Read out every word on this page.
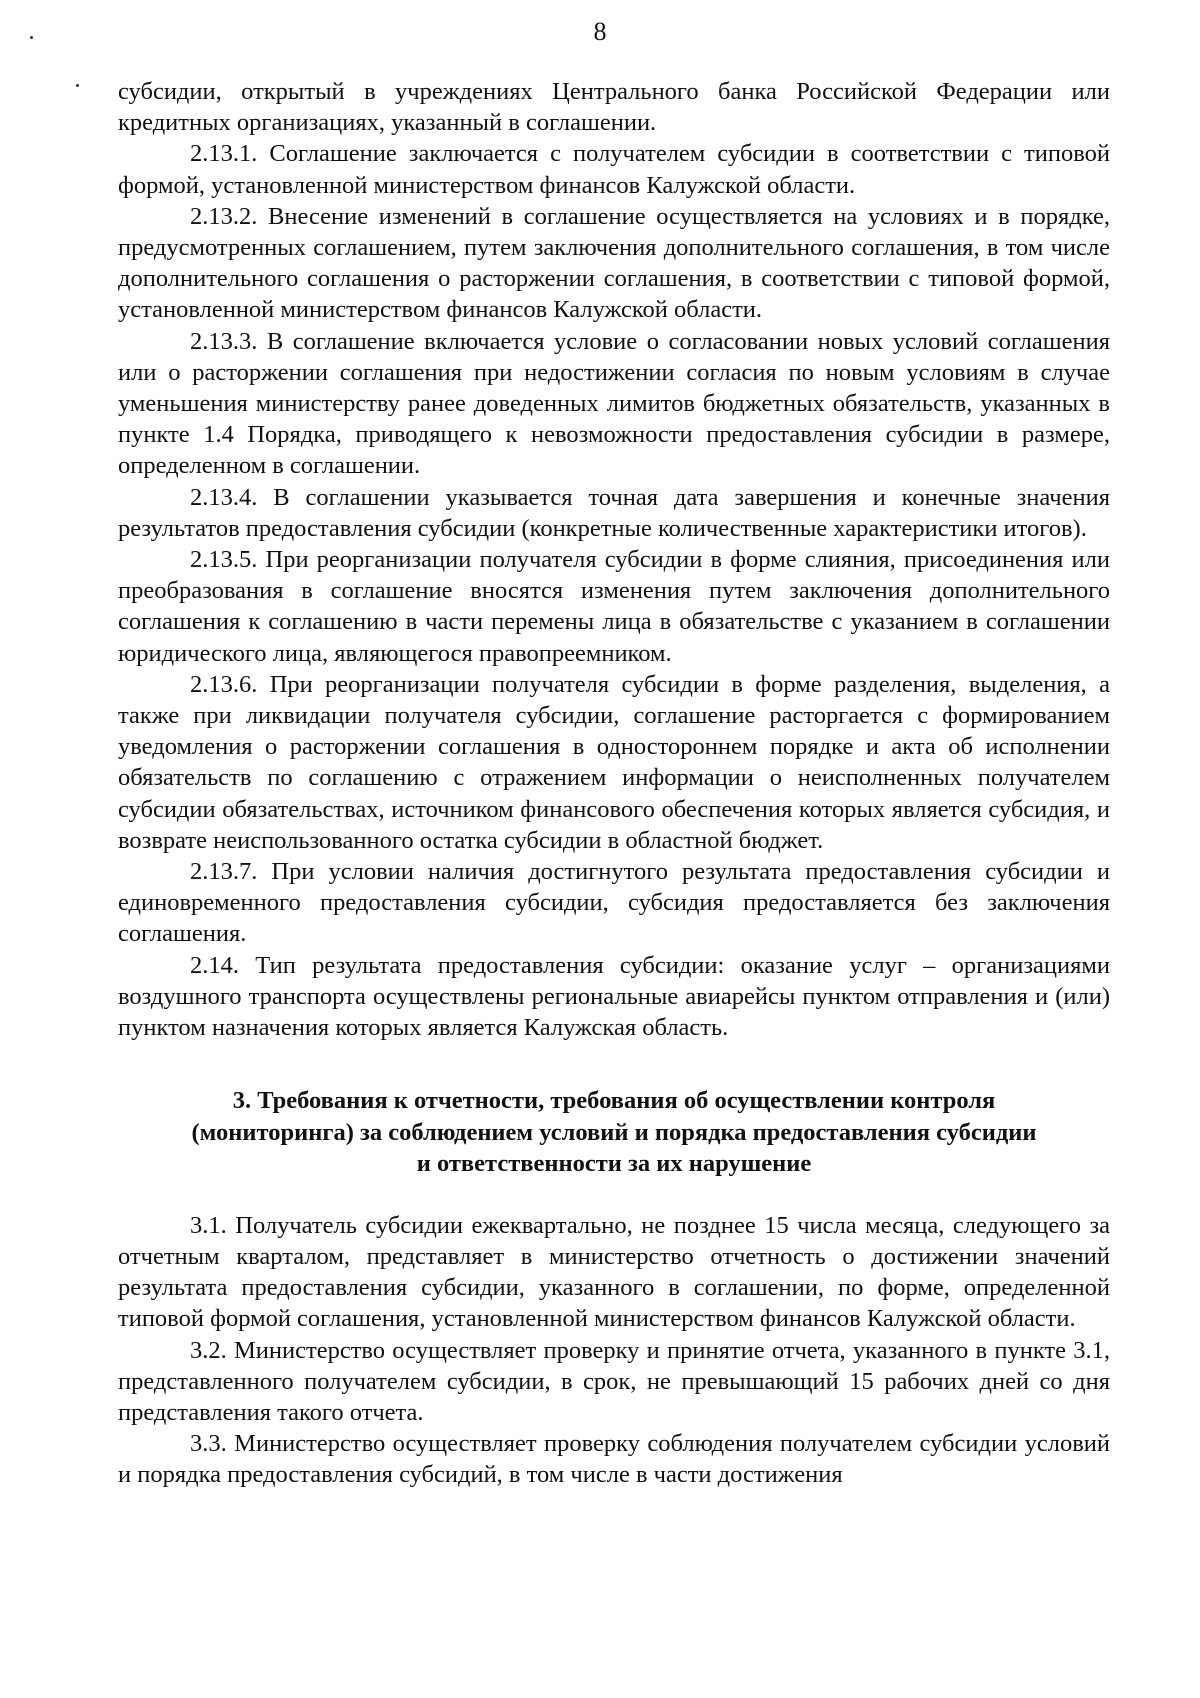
8

субсидии, открытый в учреждениях Центрального банка Российской Федерации или кредитных организациях, указанный в соглашении.

2.13.1. Соглашение заключается с получателем субсидии в соответствии с типовой формой, установленной министерством финансов Калужской области.

2.13.2. Внесение изменений в соглашение осуществляется на условиях и в порядке, предусмотренных соглашением, путем заключения дополнительного соглашения, в том числе дополнительного соглашения о расторжении соглашения, в соответствии с типовой формой, установленной министерством финансов Калужской области.

2.13.3. В соглашение включается условие о согласовании новых условий соглашения или о расторжении соглашения при недостижении согласия по новым условиям в случае уменьшения министерству ранее доведенных лимитов бюджетных обязательств, указанных в пункте 1.4 Порядка, приводящего к невозможности предоставления субсидии в размере, определенном в соглашении.

2.13.4. В соглашении указывается точная дата завершения и конечные значения результатов предоставления субсидии (конкретные количественные характеристики итогов).

2.13.5. При реорганизации получателя субсидии в форме слияния, присоединения или преобразования в соглашение вносятся изменения путем заключения дополнительного соглашения к соглашению в части перемены лица в обязательстве с указанием в соглашении юридического лица, являющегося правопреемником.

2.13.6. При реорганизации получателя субсидии в форме разделения, выделения, а также при ликвидации получателя субсидии, соглашение расторгается с формированием уведомления о расторжении соглашения в одностороннем порядке и акта об исполнении обязательств по соглашению с отражением информации о неисполненных получателем субсидии обязательствах, источником финансового обеспечения которых является субсидия, и возврате неиспользованного остатка субсидии в областной бюджет.

2.13.7. При условии наличия достигнутого результата предоставления субсидии и единовременного предоставления субсидии, субсидия предоставляется без заключения соглашения.

2.14. Тип результата предоставления субсидии: оказание услуг – организациями воздушного транспорта осуществлены региональные авиарейсы пунктом отправления и (или) пунктом назначения которых является Калужская область.

3. Требования к отчетности, требования об осуществлении контроля
(мониторинга) за соблюдением условий и порядка предоставления субсидии
и ответственности за их нарушение

3.1. Получатель субсидии ежеквартально, не позднее 15 числа месяца, следующего за отчетным кварталом, представляет в министерство отчетность о достижении значений результата предоставления субсидии, указанного в соглашении, по форме, определенной типовой формой соглашения, установленной министерством финансов Калужской области.

3.2. Министерство осуществляет проверку и принятие отчета, указанного в пункте 3.1, представленного получателем субсидии, в срок, не превышающий 15 рабочих дней со дня представления такого отчета.

3.3. Министерство осуществляет проверку соблюдения получателем субсидии условий и порядка предоставления субсидий, в том числе в части достижения
